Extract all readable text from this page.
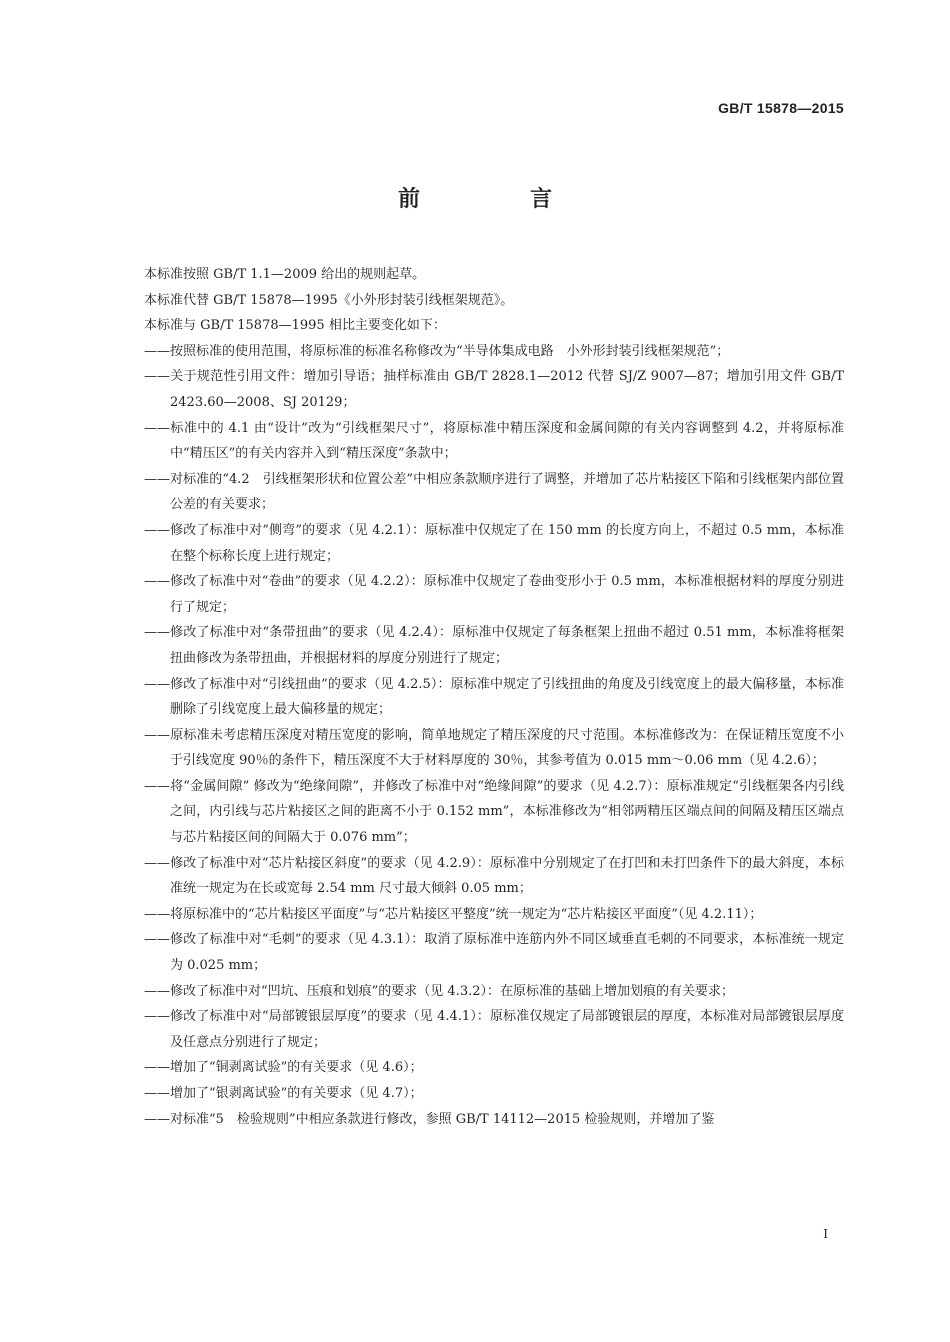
GB/T 15878—2015
前　言

本标准按照 GB/T 1.1—2009 给出的规则起草。

本标准代替 GB/T 15878—1995《小外形封装引线框架规范》。

本标准与 GB/T 15878—1995 相比主要变化如下：

——按照标准的使用范围，将原标准的标准名称修改为“半导体集成电路　小外形封装引线框架规范”；

——关于规范性引用文件：增加引导语；抽样标准由 GB/T 2828.1—2012 代替 SJ/Z 9007—87；增加引用文件 GB/T 2423.60—2008、SJ 20129；

——标准中的 4.1 由“设计”改为“引线框架尺寸”，将原标准中精压深度和金属间隙的有关内容调整到 4.2，并将原标准中“精压区”的有关内容并入到“精压深度”条款中；

——对标准的“4.2　引线框架形状和位置公差”中相应条款顺序进行了调整，并增加了芯片粘接区下陷和引线框架内部位置公差的有关要求；

——修改了标准中对“侧弯”的要求（见 4.2.1）：原标准中仅规定了在 150 mm 的长度方向上，不超过 0.5 mm，本标准在整个标称长度上进行规定；

——修改了标准中对“卷曲”的要求（见 4.2.2）：原标准中仅规定了卷曲变形小于 0.5 mm，本标准根据材料的厚度分别进行了规定；

——修改了标准中对“条带扭曲”的要求（见 4.2.4）：原标准中仅规定了每条框架上扭曲不超过 0.51 mm，本标准将框架扭曲修改为条带扭曲，并根据材料的厚度分别进行了规定；

——修改了标准中对“引线扭曲”的要求（见 4.2.5）：原标准中规定了引线扭曲的角度及引线宽度上的最大偏移量，本标准删除了引线宽度上最大偏移量的规定；

——原标准未考虑精压深度对精压宽度的影响，简单地规定了精压深度的尺寸范围。本标准修改为：在保证精压宽度不小于引线宽度 90％的条件下，精压深度不大于材料厚度的 30％，其参考值为 0.015 mm～0.06 mm（见 4.2.6）；

——将“金属间隙” 修改为“绝缘间隙”，并修改了标准中对“绝缘间隙”的要求（见 4.2.7）：原标准规定“引线框架各内引线之间，内引线与芯片粘接区之间的距离不小于 0.152 mm”，本标准修改为“相邻两精压区端点间的间隔及精压区端点与芯片粘接区间的间隔大于 0.076 mm”；

——修改了标准中对“芯片粘接区斜度”的要求（见 4.2.9）：原标准中分别规定了在打凹和未打凹条件下的最大斜度，本标准统一规定为在长或宽每 2.54 mm 尺寸最大倾斜 0.05 mm；

——将原标准中的“芯片粘接区平面度”与“芯片粘接区平整度”统一规定为“芯片粘接区平面度”（见 4.2.11）；

——修改了标准中对“毛刺”的要求（见 4.3.1）：取消了原标准中连筋内外不同区域垂直毛刺的不同要求，本标准统一规定为 0.025 mm；

——修改了标准中对“凹坑、压痕和划痕”的要求（见 4.3.2）：在原标准的基础上增加划痕的有关要求；

——修改了标准中对“局部镀银层厚度”的要求（见 4.4.1）：原标准仅规定了局部镀银层的厚度，本标准对局部镀银层厚度及任意点分别进行了规定；

——增加了“铜剥离试验”的有关要求（见 4.6）；

——增加了“银剥离试验”的有关要求（见 4.7）；

——对标准“5　检验规则”中相应条款进行修改，参照 GB/T 14112—2015 检验规则，并增加了鉴

I
